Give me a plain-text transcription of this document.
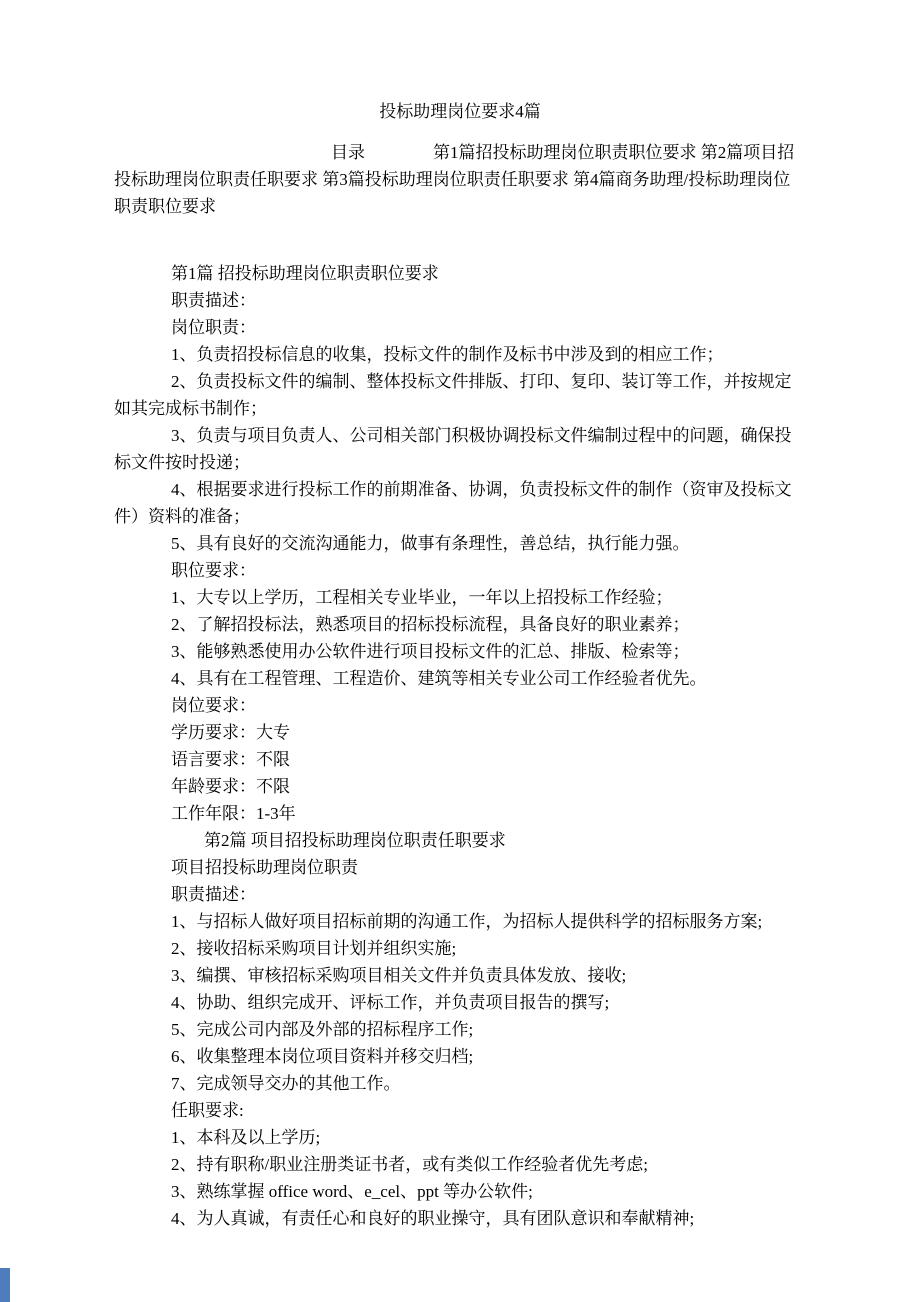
投标助理岗位要求4篇

目录　　　　第1篇招投标助理岗位职责职位要求 第2篇项目招投标助理岗位职责任职要求 第3篇投标助理岗位职责任职要求 第4篇商务助理/投标助理岗位职责职位要求

第1篇 招投标助理岗位职责职位要求

职责描述：

岗位职责：

1、负责招投标信息的收集，投标文件的制作及标书中涉及到的相应工作；

2、负责投标文件的编制、整体投标文件排版、打印、复印、装订等工作，并按规定如其完成标书制作；

3、负责与项目负责人、公司相关部门积极协调投标文件编制过程中的问题，确保投标文件按时投递；

4、根据要求进行投标工作的前期准备、协调，负责投标文件的制作（资审及投标文件）资料的准备；

5、具有良好的交流沟通能力，做事有条理性，善总结，执行能力强。

职位要求：

1、大专以上学历，工程相关专业毕业，一年以上招投标工作经验；

2、了解招投标法，熟悉项目的招标投标流程，具备良好的职业素养；

3、能够熟悉使用办公软件进行项目投标文件的汇总、排版、检索等；

4、具有在工程管理、工程造价、建筑等相关专业公司工作经验者优先。

岗位要求：

学历要求：大专

语言要求：不限

年龄要求：不限

工作年限：1-3年

第2篇 项目招投标助理岗位职责任职要求

项目招投标助理岗位职责

职责描述：

1、与招标人做好项目招标前期的沟通工作，为招标人提供科学的招标服务方案;

2、接收招标采购项目计划并组织实施;

3、编撰、审核招标采购项目相关文件并负责具体发放、接收;

4、协助、组织完成开、评标工作，并负责项目报告的撰写;

5、完成公司内部及外部的招标程序工作;

6、收集整理本岗位项目资料并移交归档;

7、完成领导交办的其他工作。

任职要求:

1、本科及以上学历;

2、持有职称/职业注册类证书者，或有类似工作经验者优先考虑;

3、熟练掌握 office word、e_cel、ppt 等办公软件;

4、为人真诚，有责任心和良好的职业操守，具有团队意识和奉献精神;
